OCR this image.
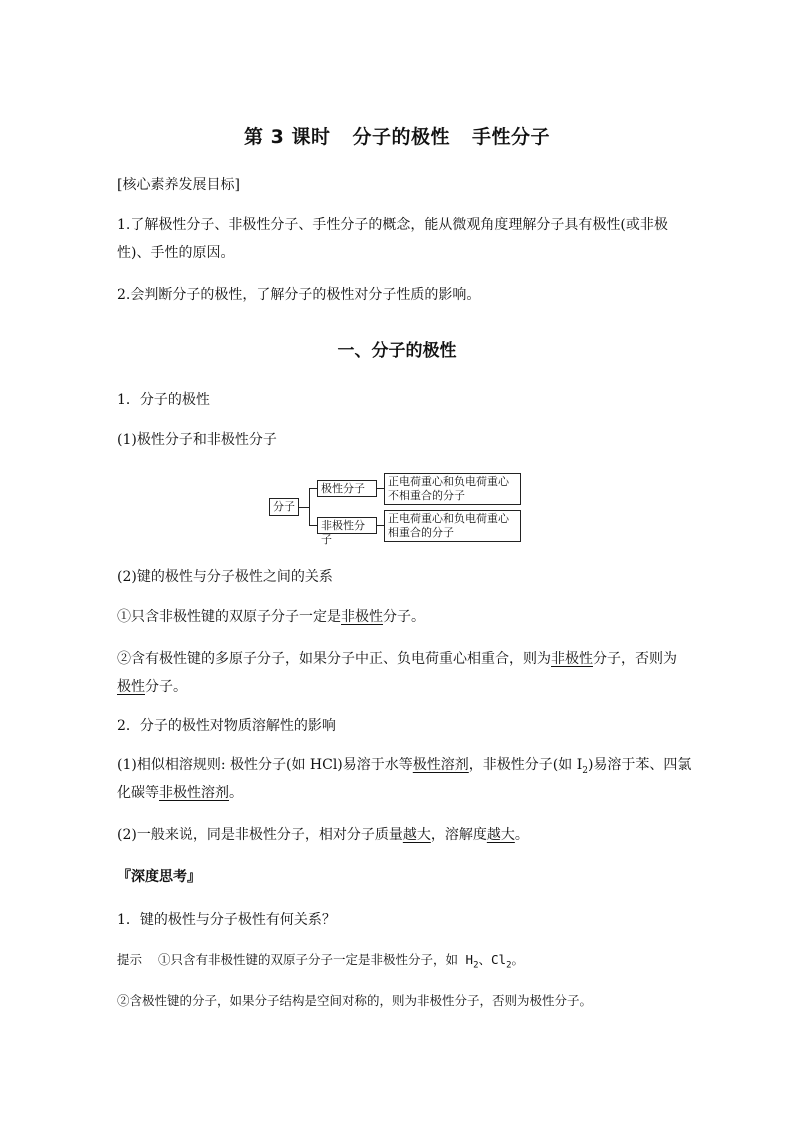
第 3 课时 分子的极性 手性分子
[核心素养发展目标]
1.了解极性分子、非极性分子、手性分子的概念，能从微观角度理解分子具有极性(或非极
性)、手性的原因。
2.会判断分子的极性，了解分子的极性对分子性质的影响。
一、分子的极性
1．分子的极性
(1)极性分子和非极性分子
分子
极性分子
非极性分子
正电荷重心和负电荷重心不相重合的分子
正电荷重心和负电荷重心相重合的分子
(2)键的极性与分子极性之间的关系
①只含非极性键的双原子分子一定是非极性分子。
②含有极性键的多原子分子，如果分子中正、负电荷重心相重合，则为非极性分子，否则为
极性分子。
2．分子的极性对物质溶解性的影响
(1)相似相溶规则: 极性分子(如 HCl)易溶于水等极性溶剂，非极性分子(如 $I_2$)易溶于苯、四氯
化碳等非极性溶剂。
(2)一般来说，同是非极性分子，相对分子质量越大，溶解度越大。
『深度思考』
1．键的极性与分子极性有何关系？
提示 ①只含有非极性键的双原子分子一定是非极性分子，如 $H_2$、$Cl_2$。
②含极性键的分子，如果分子结构是空间对称的，则为非极性分子，否则为极性分子。
